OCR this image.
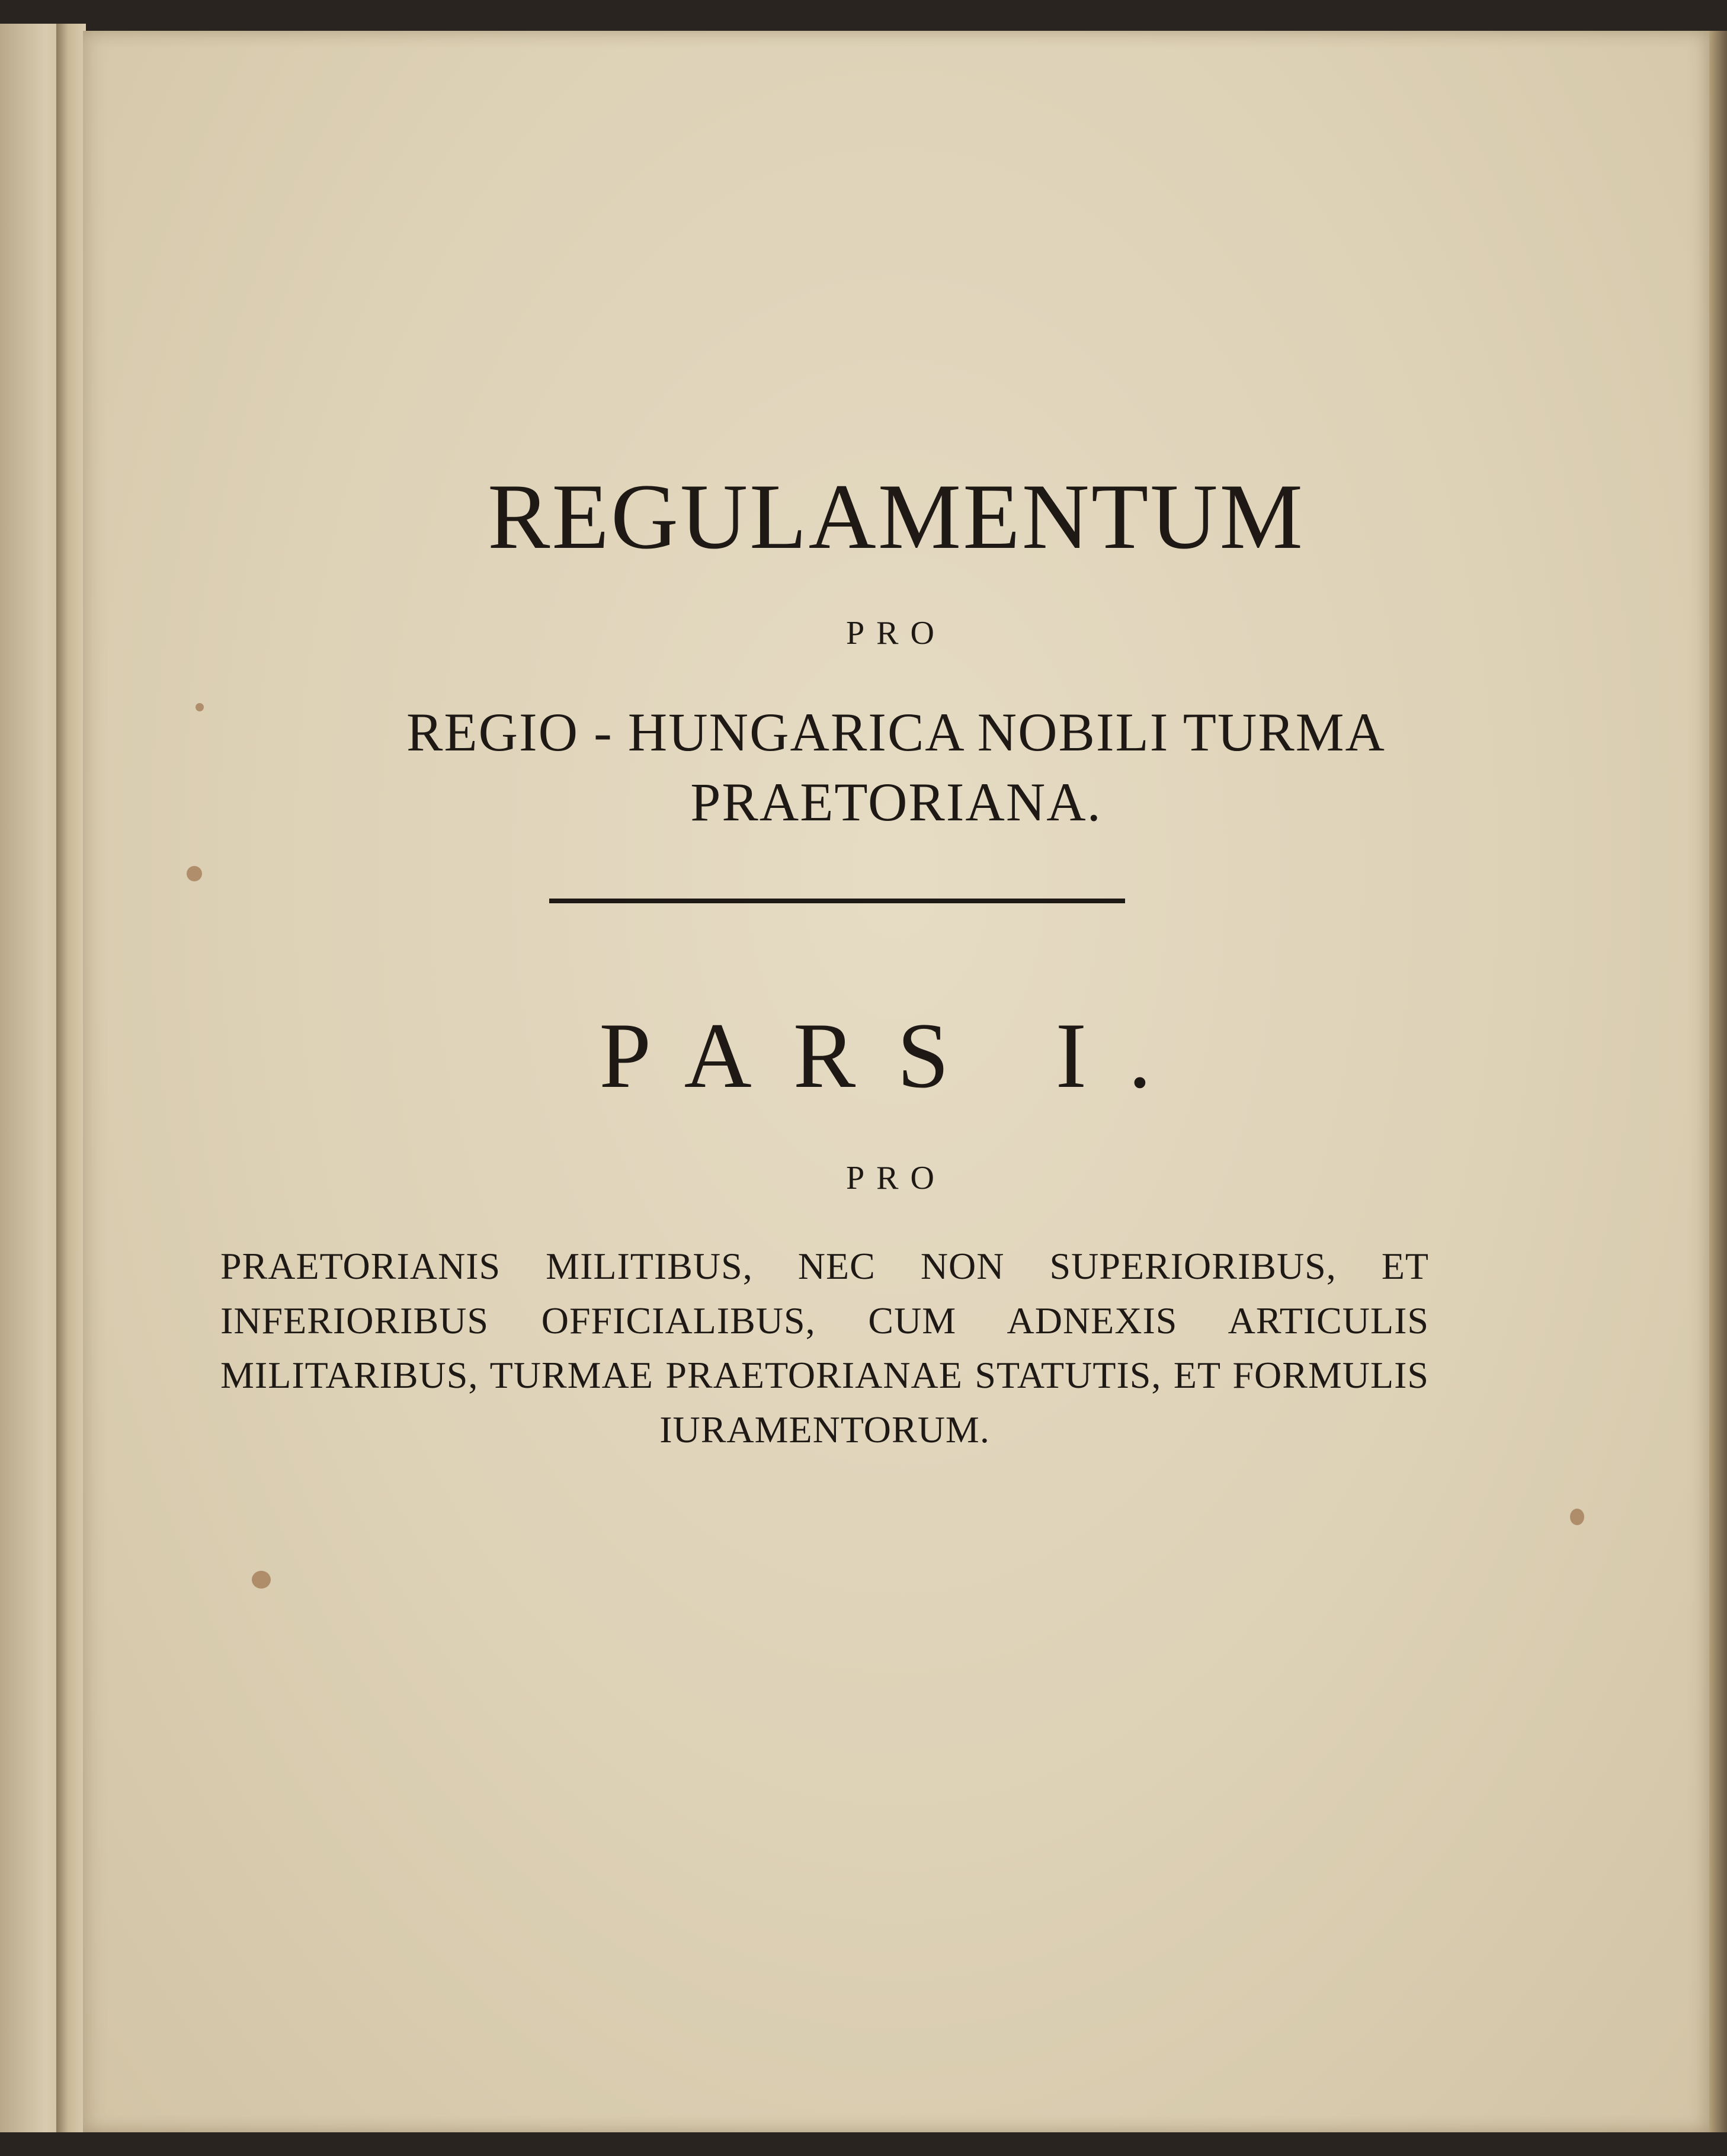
REGULAMENTUM
PRO
REGIO - HUNGARICA NOBILI TURMA
PRAETORIANA.
PARS I.
PRO
PRAETORIANIS MILITIBUS, NEC NON SUPERIORIBUS, ET INFERIORIBUS OFFICIALIBUS, CUM ADNEXIS ARTICULIS MILITARIBUS, TURMAE PRAETORIANAE STATUTIS, ET FORMULIS IURAMENTORUM.
